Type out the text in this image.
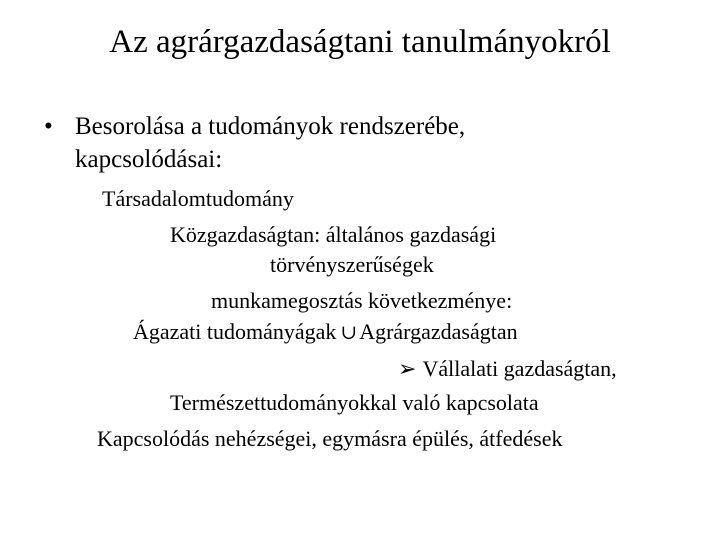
Az agrárgazdaságtani tanulmányokról
• Besorolása a tudományok rendszerébe,
kapcsolódásai:
Társadalomtudomány
Közgazdaságtan: általános gazdasági
törvényszerűségek
munkamegosztás következménye:
Ágazati tudományágak ∪Agrárgazdaságtan
➢ Vállalati gazdaságtan,
Természettudományokkal való kapcsolata
Kapcsolódás nehézségei, egymásra épülés, átfedések
